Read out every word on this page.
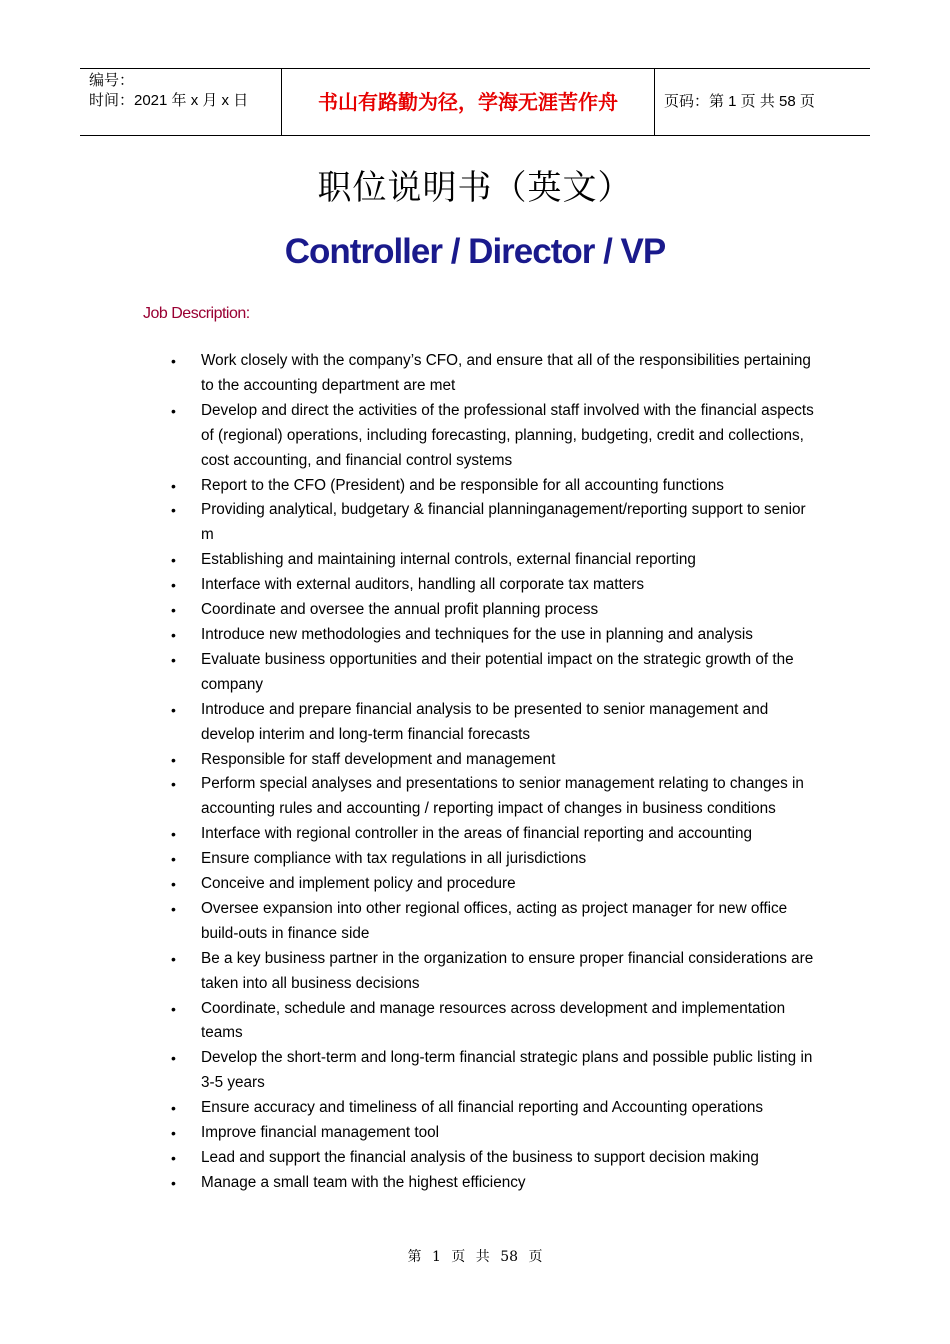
编号：
时间：2021 年 x 月 x 日	书山有路勤为径，学海无涯苦作舟	页码：第 1 页 共 58 页
职位说明书（英文）
Controller / Director / VP
Job Description:
• Work closely with the company’s CFO, and ensure that all of the responsibilities pertaining to the accounting department are met
• Develop and direct the activities of the professional staff involved with the financial aspects of (regional) operations, including forecasting, planning, budgeting, credit and collections, cost accounting, and financial control systems
• Report to the CFO (President) and be responsible for all accounting functions
• Providing analytical, budgetary & financial planninganagement/reporting support to senior m
• Establishing and maintaining internal controls, external financial reporting
• Interface with external auditors, handling all corporate tax matters
• Coordinate and oversee the annual profit planning process
• Introduce new methodologies and techniques for the use in planning and analysis
• Evaluate business opportunities and their potential impact on the strategic growth of the company
• Introduce and prepare financial analysis to be presented to senior management and develop interim and long-term financial forecasts
• Responsible for staff development and management
• Perform special analyses and presentations to senior management relating to changes in accounting rules and accounting / reporting impact of changes in business conditions
• Interface with regional controller in the areas of financial reporting and accounting
• Ensure compliance with tax regulations in all jurisdictions
• Conceive and implement policy and procedure
• Oversee expansion into other regional offices, acting as project manager for new office build-outs in finance side
• Be a key business partner in the organization to ensure proper financial considerations are taken into all business decisions
• Coordinate, schedule and manage resources across development and implementation teams
• Develop the short-term and long-term financial strategic plans and possible public listing in 3-5 years
• Ensure accuracy and timeliness of all financial reporting and Accounting operations
• Improve financial management tool
• Lead and support the financial analysis of the business to support decision making
• Manage a small team with the highest efficiency
第 1 页 共 58 页
